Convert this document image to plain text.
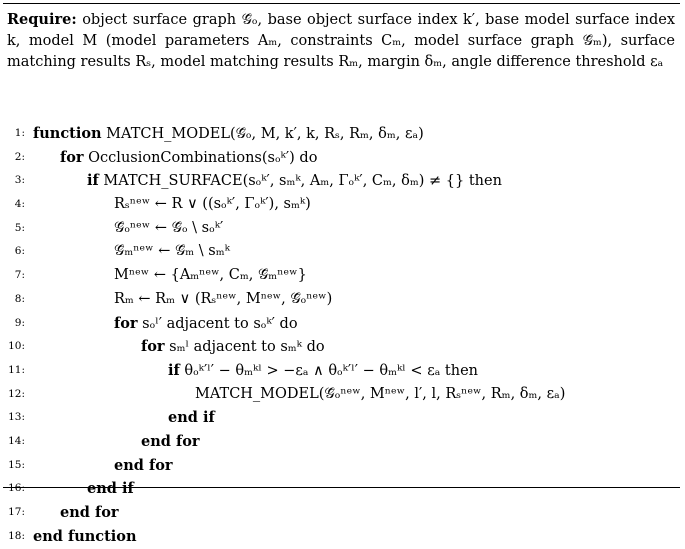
Require: object surface graph 𝒢̄ₒ, base object surface index k′, base model surface index k, model M (model parameters Aₘ, constraints Cₘ, model surface graph 𝒢̄ₘ), surface matching results Rₛ, model matching results Rₘ, margin δₘ, angle difference threshold εₐ
1: function MATCH_MODEL(𝒢̄ₒ, M, k′, k, Rₛ, Rₘ, δₘ, εₐ)
2: for OcclusionCombinations(sₒᵏ′) do
3:	if MATCH_SURFACE(sₒᵏ′, sₘᵏ, Aₘ, Γₒᵏ′, Cₘ, δₘ) ≠ {} then
4:	Rₛⁿᵉʷ ← R ∨ ((sₒᵏ′, Γₒᵏ′), sₘᵏ)
5:	𝒢̄ₒⁿᵉʷ ← 𝒢̄ₒ \ sₒᵏ′
6:	𝒢̄ₘⁿᵉʷ ← 𝒢̄ₘ \ sₘᵏ
7:	Mⁿᵉʷ ← {Aₘⁿᵉʷ, Cₘ, 𝒢̄ₘⁿᵉʷ}
8:	Rₘ ← Rₘ ∨ (Rₛⁿᵉʷ, Mⁿᵉʷ, 𝒢̄ₒⁿᵉʷ)
9:	for sₒˡ′ adjacent to sₒᵏ′ do
10:	for sₘˡ adjacent to sₘᵏ do
11:	if θₒᵏ′ˡ′ − θₘᵏˡ > −εₐ ∧ θₒᵏ′ˡ′ − θₘᵏˡ < εₐ then
12:	MATCH_MODEL(𝒢̄ₒⁿᵉʷ, Mⁿᵉʷ, l′, l, Rₛⁿᵉʷ, Rₘ, δₘ, εₐ)
13:	end if
14:	end for
15:	end for
16:	end if
17: end for
18: end function
